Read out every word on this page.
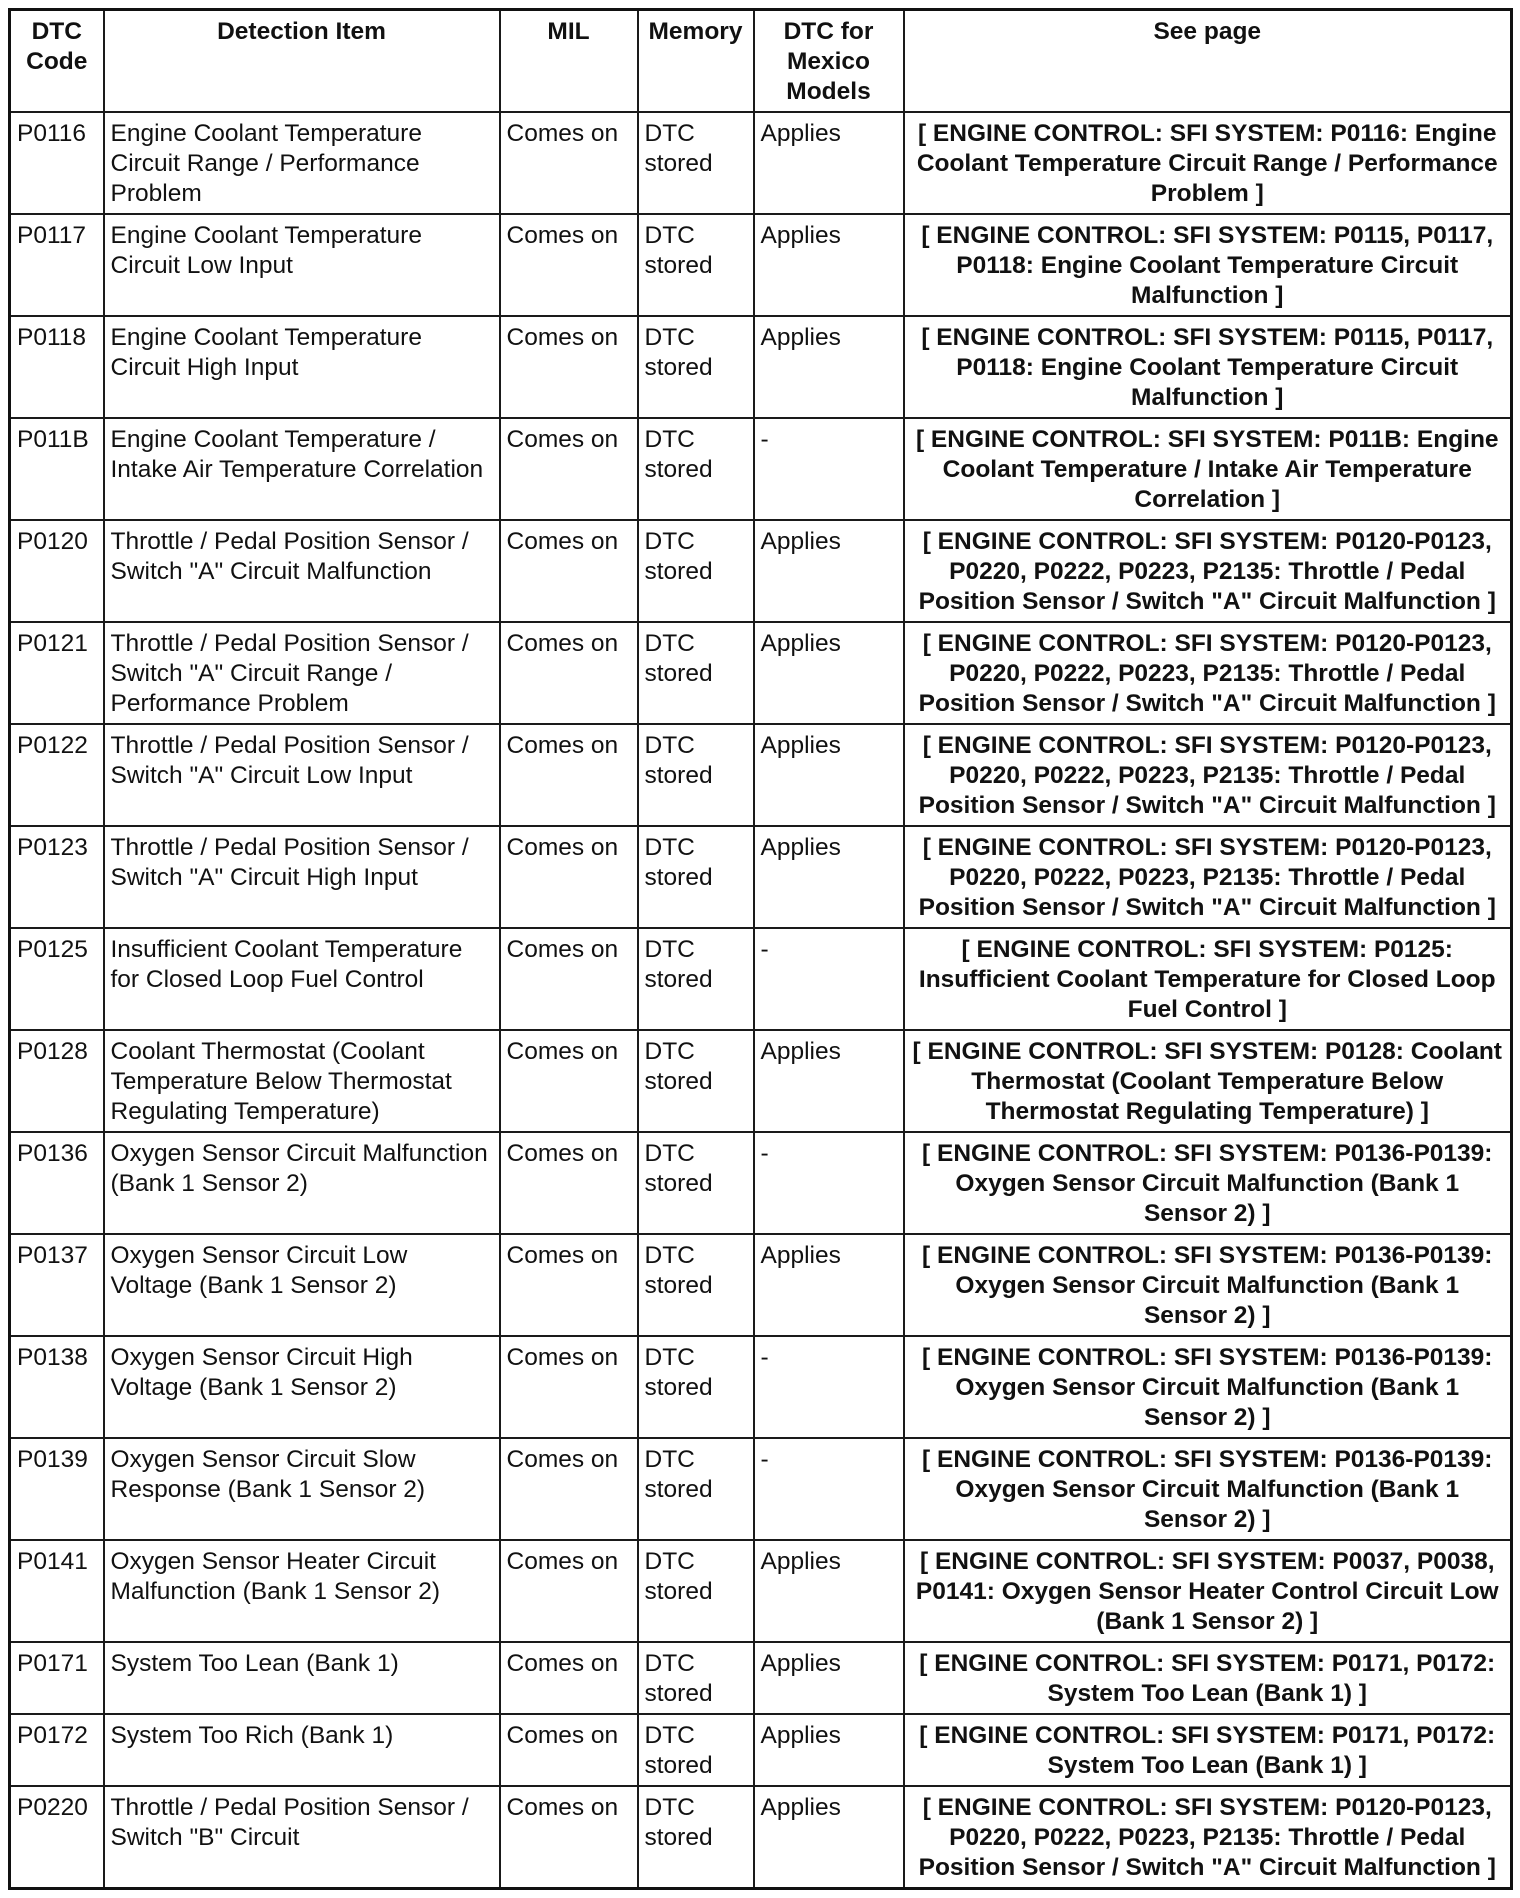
DTC Code	Detection Item	MIL	Memory	DTC for Mexico Models	See page
P0116	Engine Coolant Temperature Circuit Range / Performance Problem	Comes on	DTC stored	Applies	[ ENGINE CONTROL: SFI SYSTEM: P0116: Engine Coolant Temperature Circuit Range / Performance Problem ]
P0117	Engine Coolant Temperature Circuit Low Input	Comes on	DTC stored	Applies	[ ENGINE CONTROL: SFI SYSTEM: P0115, P0117, P0118: Engine Coolant Temperature Circuit Malfunction ]
P0118	Engine Coolant Temperature Circuit High Input	Comes on	DTC stored	Applies	[ ENGINE CONTROL: SFI SYSTEM: P0115, P0117, P0118: Engine Coolant Temperature Circuit Malfunction ]
P011B	Engine Coolant Temperature / Intake Air Temperature Correlation	Comes on	DTC stored	-	[ ENGINE CONTROL: SFI SYSTEM: P011B: Engine Coolant Temperature / Intake Air Temperature Correlation ]
P0120	Throttle / Pedal Position Sensor / Switch "A" Circuit Malfunction	Comes on	DTC stored	Applies	[ ENGINE CONTROL: SFI SYSTEM: P0120-P0123, P0220, P0222, P0223, P2135: Throttle / Pedal Position Sensor / Switch "A" Circuit Malfunction ]
P0121	Throttle / Pedal Position Sensor / Switch "A" Circuit Range / Performance Problem	Comes on	DTC stored	Applies	[ ENGINE CONTROL: SFI SYSTEM: P0120-P0123, P0220, P0222, P0223, P2135: Throttle / Pedal Position Sensor / Switch "A" Circuit Malfunction ]
P0122	Throttle / Pedal Position Sensor / Switch "A" Circuit Low Input	Comes on	DTC stored	Applies	[ ENGINE CONTROL: SFI SYSTEM: P0120-P0123, P0220, P0222, P0223, P2135: Throttle / Pedal Position Sensor / Switch "A" Circuit Malfunction ]
P0123	Throttle / Pedal Position Sensor / Switch "A" Circuit High Input	Comes on	DTC stored	Applies	[ ENGINE CONTROL: SFI SYSTEM: P0120-P0123, P0220, P0222, P0223, P2135: Throttle / Pedal Position Sensor / Switch "A" Circuit Malfunction ]
P0125	Insufficient Coolant Temperature for Closed Loop Fuel Control	Comes on	DTC stored	-	[ ENGINE CONTROL: SFI SYSTEM: P0125: Insufficient Coolant Temperature for Closed Loop Fuel Control ]
P0128	Coolant Thermostat (Coolant Temperature Below Thermostat Regulating Temperature)	Comes on	DTC stored	Applies	[ ENGINE CONTROL: SFI SYSTEM: P0128: Coolant Thermostat (Coolant Temperature Below Thermostat Regulating Temperature) ]
P0136	Oxygen Sensor Circuit Malfunction (Bank 1 Sensor 2)	Comes on	DTC stored	-	[ ENGINE CONTROL: SFI SYSTEM: P0136-P0139: Oxygen Sensor Circuit Malfunction (Bank 1 Sensor 2) ]
P0137	Oxygen Sensor Circuit Low Voltage (Bank 1 Sensor 2)	Comes on	DTC stored	Applies	[ ENGINE CONTROL: SFI SYSTEM: P0136-P0139: Oxygen Sensor Circuit Malfunction (Bank 1 Sensor 2) ]
P0138	Oxygen Sensor Circuit High Voltage (Bank 1 Sensor 2)	Comes on	DTC stored	-	[ ENGINE CONTROL: SFI SYSTEM: P0136-P0139: Oxygen Sensor Circuit Malfunction (Bank 1 Sensor 2) ]
P0139	Oxygen Sensor Circuit Slow Response (Bank 1 Sensor 2)	Comes on	DTC stored	-	[ ENGINE CONTROL: SFI SYSTEM: P0136-P0139: Oxygen Sensor Circuit Malfunction (Bank 1 Sensor 2) ]
P0141	Oxygen Sensor Heater Circuit Malfunction (Bank 1 Sensor 2)	Comes on	DTC stored	Applies	[ ENGINE CONTROL: SFI SYSTEM: P0037, P0038, P0141: Oxygen Sensor Heater Control Circuit Low (Bank 1 Sensor 2) ]
P0171	System Too Lean (Bank 1)	Comes on	DTC stored	Applies	[ ENGINE CONTROL: SFI SYSTEM: P0171, P0172: System Too Lean (Bank 1) ]
P0172	System Too Rich (Bank 1)	Comes on	DTC stored	Applies	[ ENGINE CONTROL: SFI SYSTEM: P0171, P0172: System Too Lean (Bank 1) ]
P0220	Throttle / Pedal Position Sensor / Switch "B" Circuit	Comes on	DTC stored	Applies	[ ENGINE CONTROL: SFI SYSTEM: P0120-P0123, P0220, P0222, P0223, P2135: Throttle / Pedal Position Sensor / Switch "A" Circuit Malfunction ]
